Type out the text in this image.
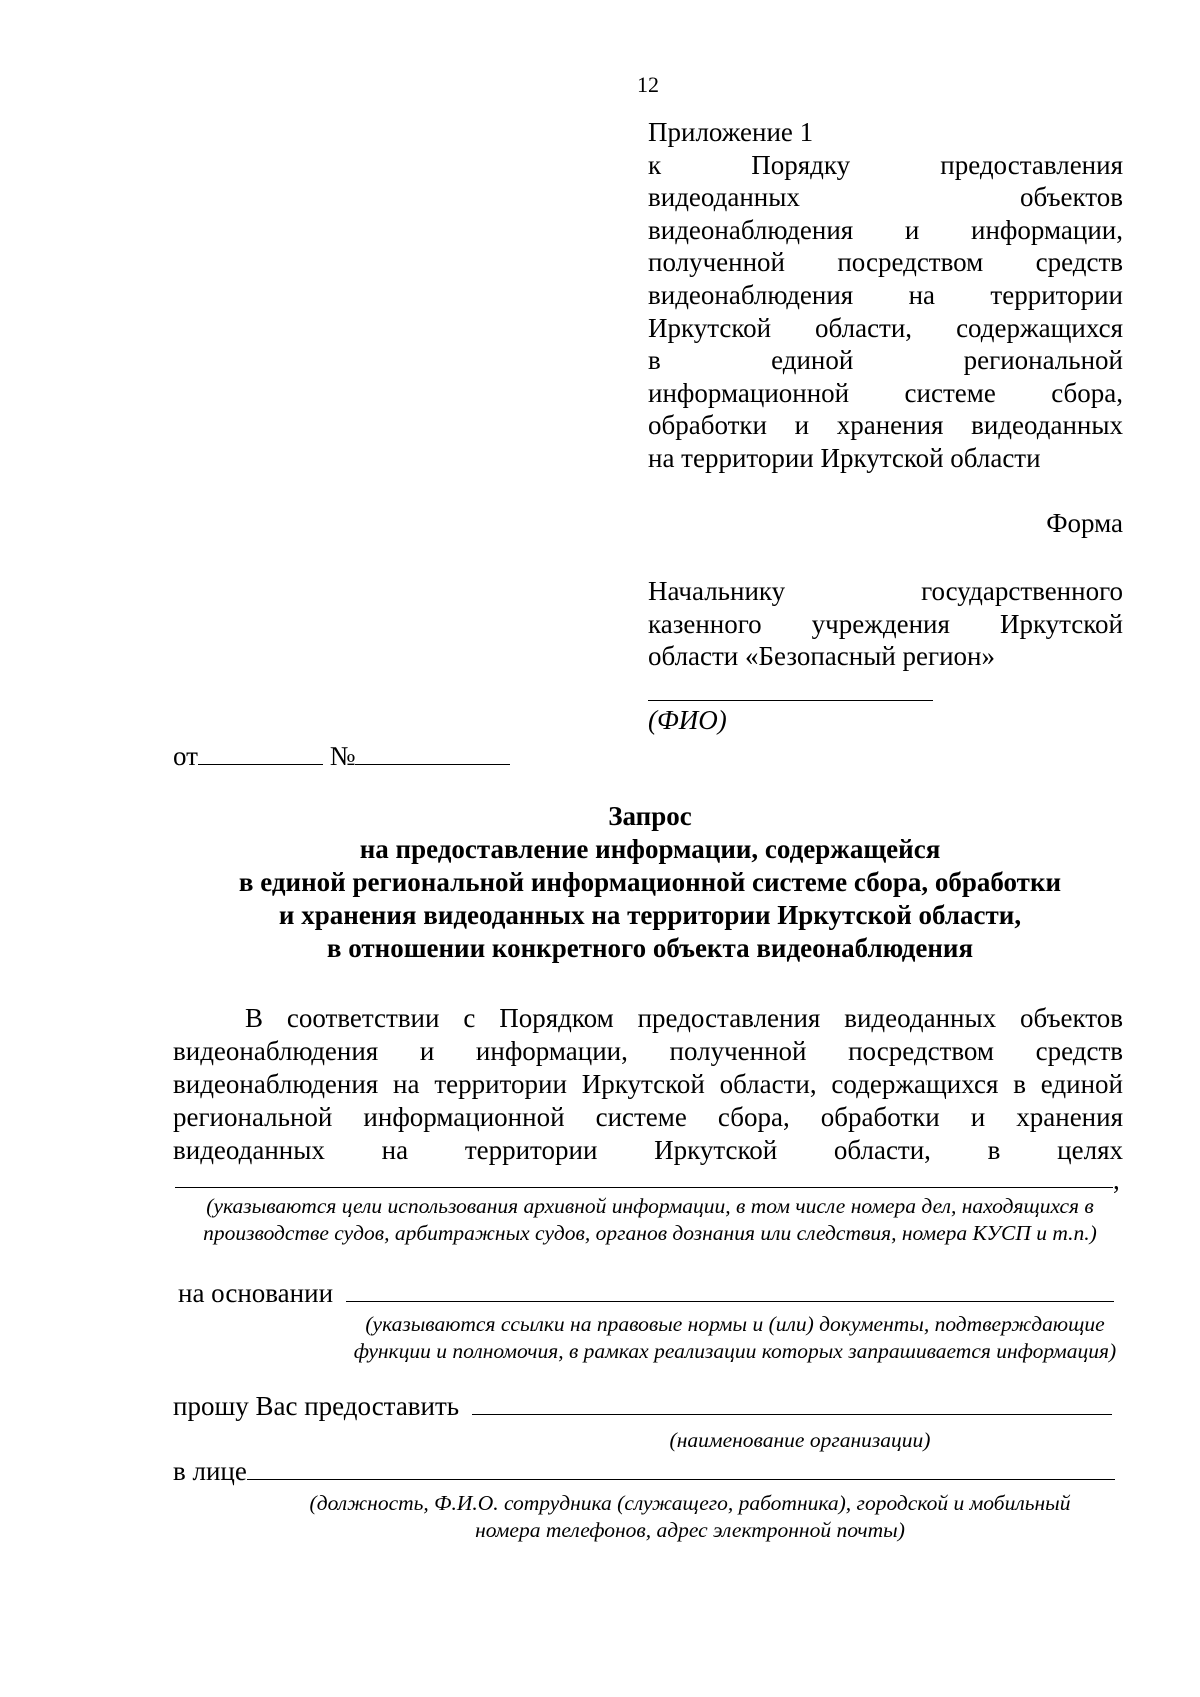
12
Приложение 1
к Порядку предоставления
видеоданных объектов
видеонаблюдения и информации,
полученной посредством средств
видеонаблюдения на территории
Иркутской области, содержащихся
в единой региональной
информационной системе сбора,
обработки и хранения видеоданных
на территории Иркутской области
Форма
Начальнику государственного
казенного учреждения Иркутской
области «Безопасный регион»
(ФИО)
от	№
Запрос
на предоставление информации, содержащейся
в единой региональной информационной системе сбора, обработки
и хранения видеоданных на территории Иркутской области,
в отношении конкретного объекта видеонаблюдения
В соответствии с Порядком предоставления видеоданных объектов
видеонаблюдения и информации, полученной посредством средств
видеонаблюдения на территории Иркутской области, содержащихся в единой
региональной информационной системе сбора, обработки и хранения
видеоданных на территории Иркутской области, в целях
,
(указываются цели использования архивной информации, в том числе номера дел, находящихся в производстве судов, арбитражных судов, органов дознания или следствия, номера КУСП и т.п.)
на основании
(указываются ссылки на правовые нормы и (или) документы, подтверждающие функции и полномочия, в рамках реализации которых запрашивается информация)
прошу Вас предоставить
(наименование организации)
в лице
(должность, Ф.И.О. сотрудника (служащего, работника), городской и мобильный номера телефонов, адрес электронной почты)
